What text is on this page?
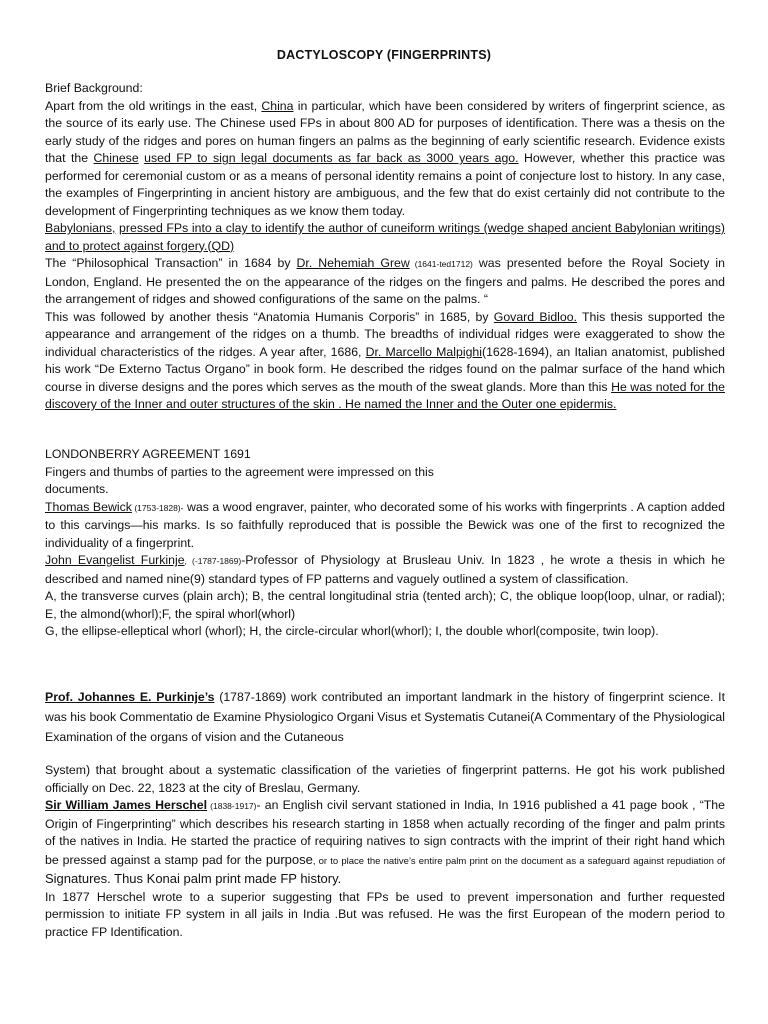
DACTYLOSCOPY (FINGERPRINTS)

Brief Background:

Apart from the old writings in the east, China in particular, which have been considered by writers of fingerprint science, as the source of its early use. The Chinese used FPs in about 800 AD for purposes of identification. There was a thesis on the early study of the ridges and pores on human fingers an palms as the beginning of early scientific research. Evidence exists that the Chinese used FP to sign legal documents as far back as 3000 years ago. However, whether this practice was performed for ceremonial custom or as a means of personal identity remains a point of conjecture lost to history. In any case, the examples of Fingerprinting in ancient history are ambiguous, and the few that do exist certainly did not contribute to the development of Fingerprinting techniques as we know them today.

Babylonians, pressed FPs into a clay to identify the author of cuneiform writings (wedge shaped ancient Babylonian writings) and to protect against forgery.(QD)

The “Philosophical Transaction” in 1684 by Dr. Nehemiah Grew (1641-ted1712) was presented before the Royal Society in London, England. He presented the on the appearance of the ridges on the fingers and palms. He described the pores and the arrangement of ridges and showed configurations of the same on the palms. “

This was followed by another thesis “Anatomia Humanis Corporis” in 1685, by Govard Bidloo. This thesis supported the appearance and arrangement of the ridges on a thumb. The breadths of individual ridges were exaggerated to show the individual characteristics of the ridges. A year after, 1686, Dr. Marcello Malpighi(1628-1694), an Italian anatomist, published his work “De Externo Tactus Organo” in book form. He described the ridges found on the palmar surface of the hand which course in diverse designs and the pores which serves as the mouth of the sweat glands. More than this He was noted for the discovery of the Inner and outer structures of the skin . He named the Inner and the Outer one epidermis.

LONDONBERRY AGREEMENT 1691

Fingers and thumbs of parties to the agreement were impressed on this

documents.

Thomas Bewick (1753-1828)- was a wood engraver, painter, who decorated some of his works with fingerprints . A caption added to this carvings—his marks. Is so faithfully reproduced that is possible the Bewick was one of the first to recognized the individuality of a fingerprint.

John Evangelist Furkinje, (-1787-1869)-Professor of Physiology at Brusleau Univ. In 1823 , he wrote a thesis in which he described and named nine(9) standard types of FP patterns and vaguely outlined a system of classification.

A, the transverse curves (plain arch); B, the central longitudinal stria (tented arch); C, the oblique loop(loop, ulnar, or radial); E, the almond(whorl);F, the spiral whorl(whorl)

G, the ellipse-elleptical whorl (whorl); H, the circle-circular whorl(whorl); I, the double whorl(composite, twin loop).

Prof. Johannes E. Purkinje’s (1787-1869) work contributed an important landmark in the history of fingerprint science. It was his book Commentatio de Examine Physiologico Organi Visus et Systematis Cutanei(A Commentary of the Physiological Examination of the organs of vision and the Cutaneous

System) that brought about a systematic classification of the varieties of fingerprint patterns. He got his work published officially on Dec. 22, 1823 at the city of Breslau, Germany.

Sir William James Herschel (1838-1917)- an English civil servant stationed in India, In 1916 published a 41 page book , “The Origin of Fingerprinting” which describes his research starting in 1858 when actually recording of the finger and palm prints of the natives in India. He started the practice of requiring natives to sign contracts with the imprint of their right hand which be pressed against a stamp pad for the purpose, or to place the native’s entire palm print on the document as a safeguard against repudiation of Signatures. Thus Konai palm print made FP history.

In 1877 Herschel wrote to a superior suggesting that FPs be used to prevent impersonation and further requested permission to initiate FP system in all jails in India .But was refused. He was the first European of the modern period to practice FP Identification.
